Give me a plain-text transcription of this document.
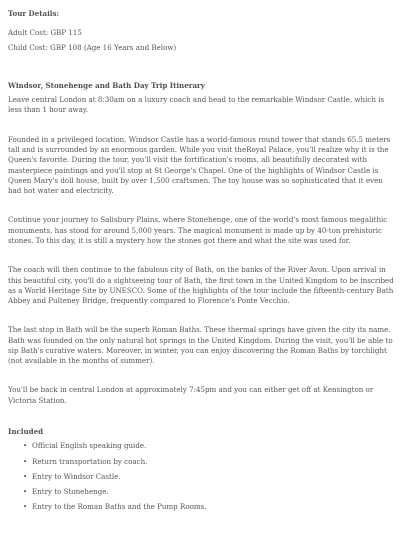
Tour Details:

Adult Cost: GBP 115

Child Cost: GBP 108 (Age 16 Years and Below)

Windsor, Stonehenge and Bath Day Trip Itinerary

Leave central London at 8:30am on a luxury coach and head to the remarkable Windsor Castle, which is less than 1 hour away.

Founded in a privileged location, Windsor Castle has a world-famous round tower that stands 65.5 meters tall and is surrounded by an enormous garden. While you visit theRoyal Palace, you'll realize why it is the Queen's favorite. During the tour, you'll visit the fortification's rooms, all beautifully decorated with masterpiece paintings and you'll stop at St George's Chapel. One of the highlights of Windsor Castle is Queen Mary's doll house, built by over 1,500 craftsmen. The toy house was so sophisticated that it even had hot water and electricity.

Continue your journey to Salisbury Plains, where Stonehenge, one of the world's most famous megalithic monuments, has stood for around 5,000 years. The magical monument is made up by 40-ton prehistoric stones. To this day, it is still a mystery how the stones got there and what the site was used for.

The coach will then continue to the fabulous city of Bath, on the banks of the River Avon. Upon arrival in this beautiful city, you'll do a sightseeing tour of Bath, the first town in the United Kingdom to be inscribed as a World Heritage Site by UNESCO. Some of the highlights of the tour include the fifteenth-century Bath Abbey and Pulteney Bridge, frequently compared to Florence's Ponte Vecchio.

The last stop in Bath will be the superb Roman Baths. These thermal springs have given the city its name. Bath was founded on the only natural hot springs in the United Kingdom. During the visit, you'll be able to sip Bath's curative waters. Moreover, in winter, you can enjoy discovering the Roman Baths by torchlight (not available in the months of summer).

You'll be back in central London at approximately 7:45pm and you can either get off at Kensington or Victoria Station.

Included

• Official English speaking guide.
• Return transportation by coach.
• Entry to Windsor Castle.
• Entry to Stonehenge.
• Entry to the Roman Baths and the Pump Rooms.
